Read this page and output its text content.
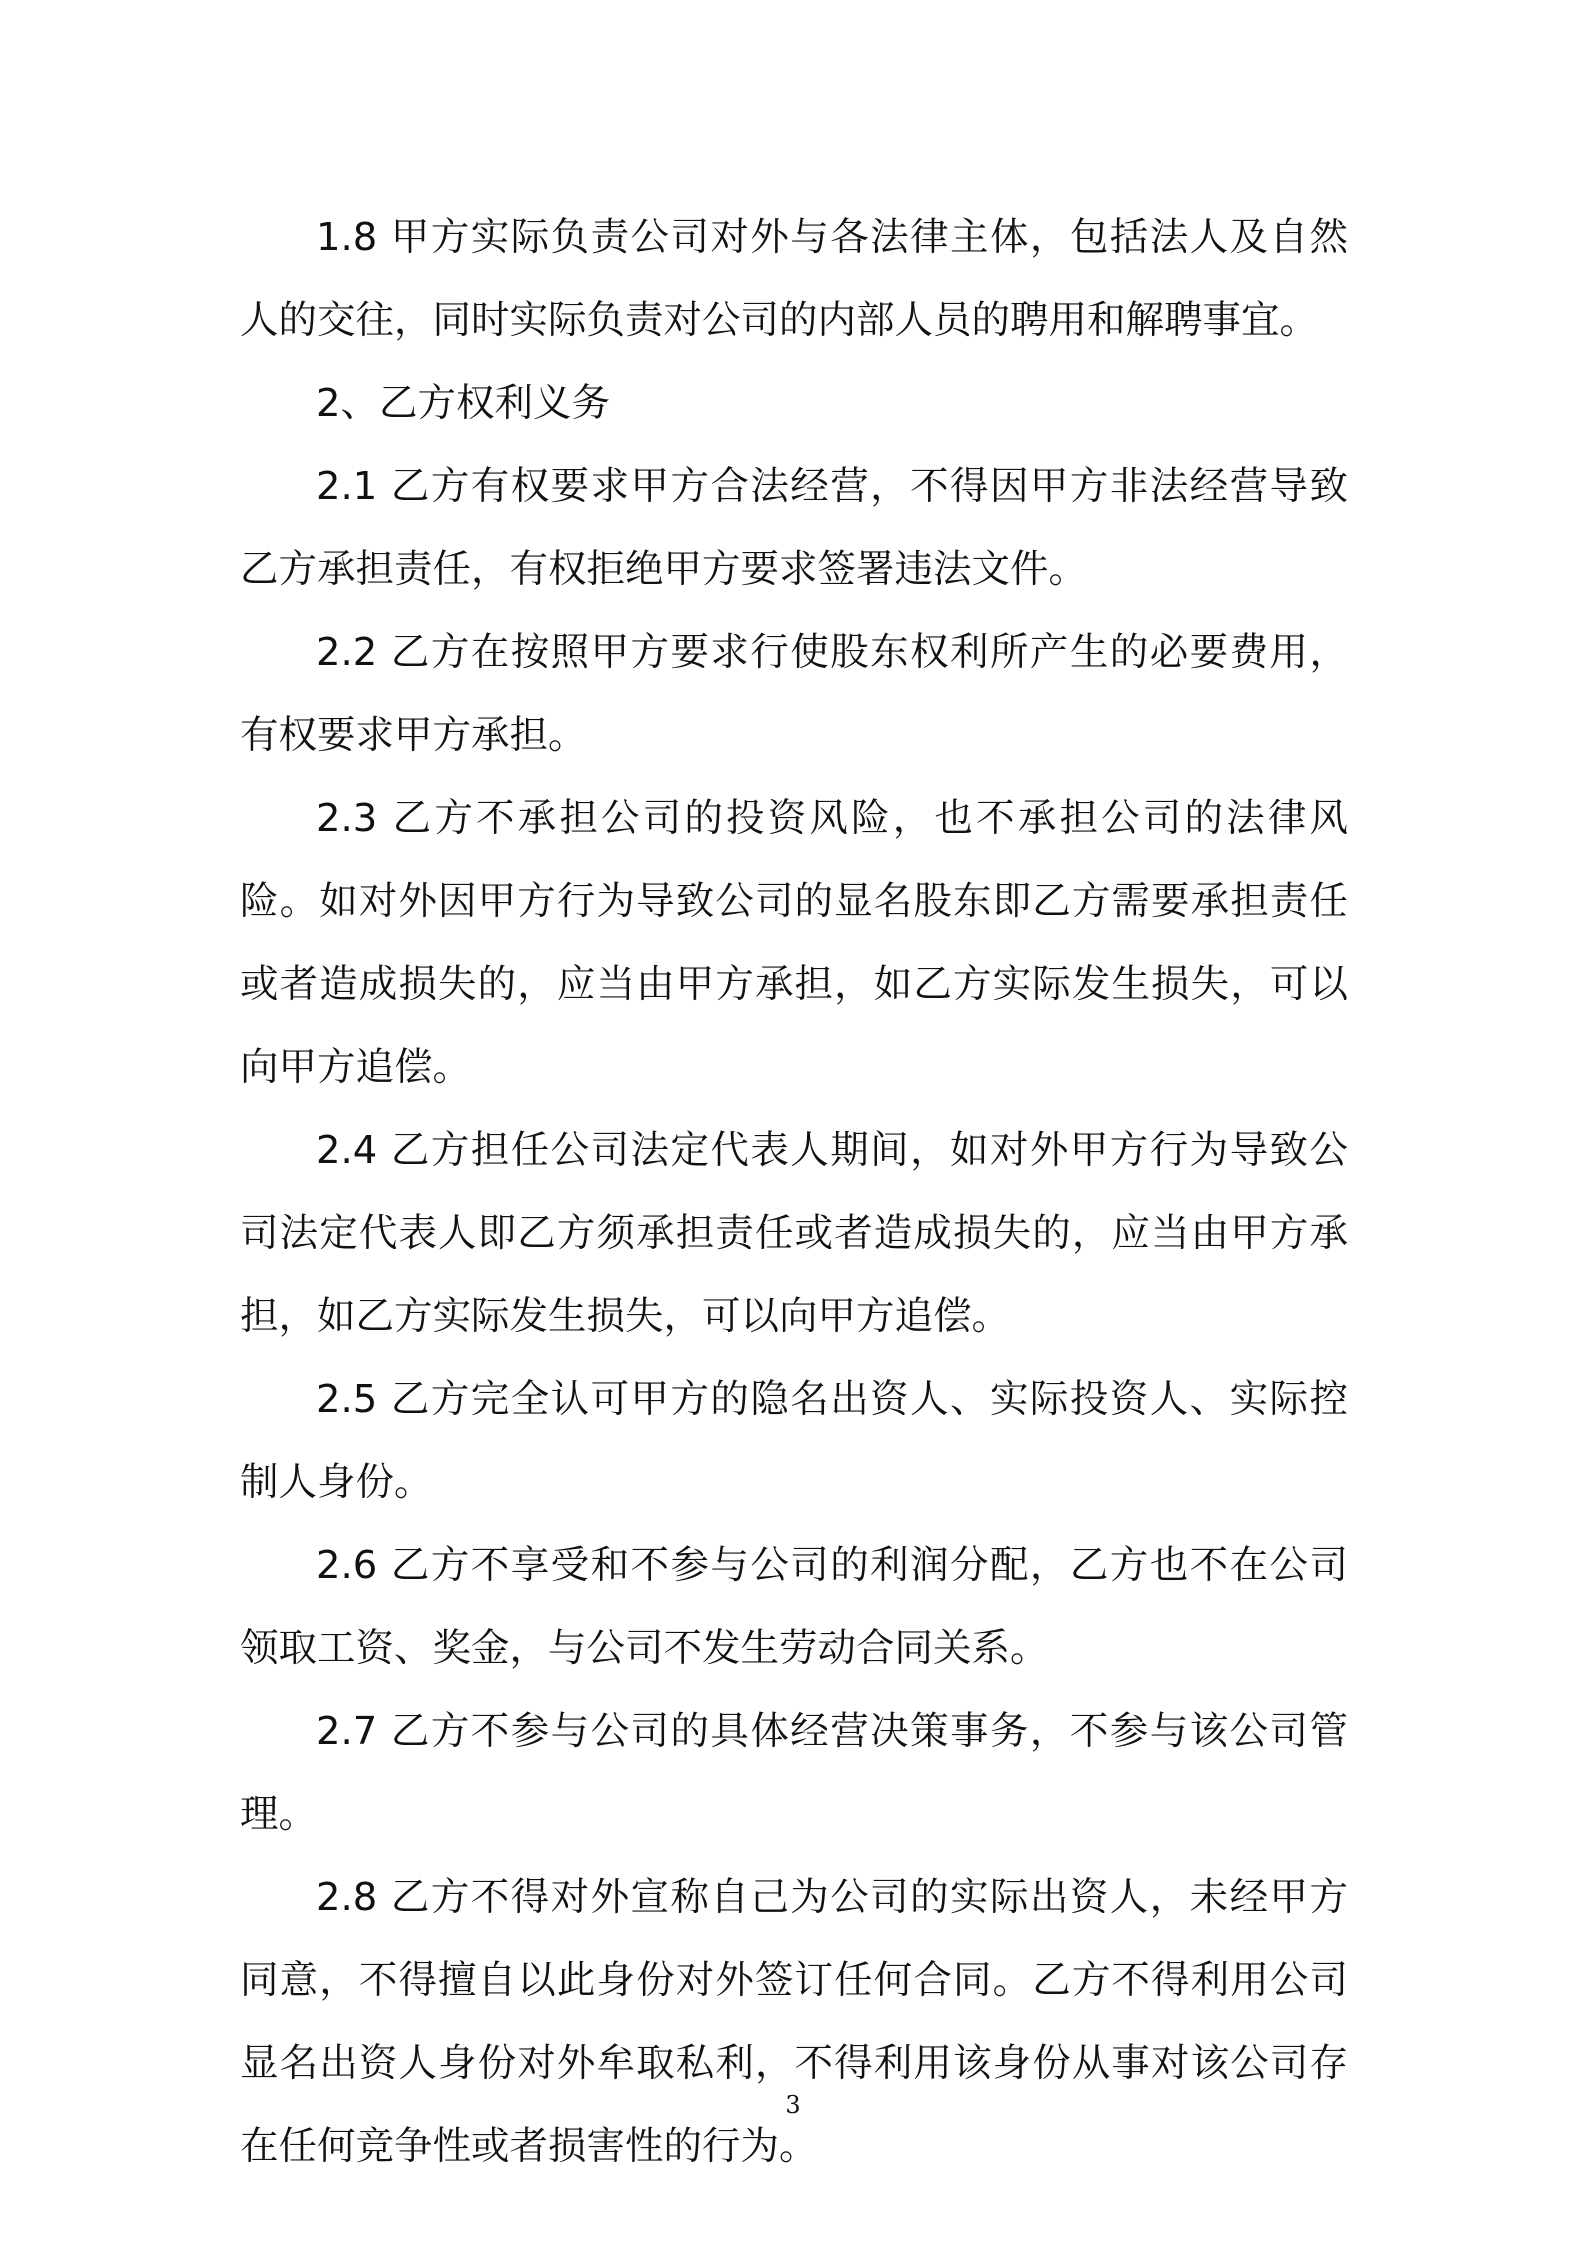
1.8 甲方实际负责公司对外与各法律主体，包括法人及自然人的交往，同时实际负责对公司的内部人员的聘用和解聘事宜。

2、乙方权利义务

2.1 乙方有权要求甲方合法经营，不得因甲方非法经营导致乙方承担责任，有权拒绝甲方要求签署违法文件。

2.2 乙方在按照甲方要求行使股东权利所产生的必要费用，有权要求甲方承担。

2.3 乙方不承担公司的投资风险，也不承担公司的法律风险。如对外因甲方行为导致公司的显名股东即乙方需要承担责任或者造成损失的，应当由甲方承担，如乙方实际发生损失，可以向甲方追偿。

2.4 乙方担任公司法定代表人期间，如对外甲方行为导致公司法定代表人即乙方须承担责任或者造成损失的，应当由甲方承担，如乙方实际发生损失，可以向甲方追偿。

2.5 乙方完全认可甲方的隐名出资人、实际投资人、实际控制人身份。

2.6 乙方不享受和不参与公司的利润分配，乙方也不在公司领取工资、奖金，与公司不发生劳动合同关系。

2.7 乙方不参与公司的具体经营决策事务，不参与该公司管理。

2.8 乙方不得对外宣称自己为公司的实际出资人，未经甲方同意，不得擅自以此身份对外签订任何合同。乙方不得利用公司显名出资人身份对外牟取私利，不得利用该身份从事对该公司存在任何竞争性或者损害性的行为。

3
